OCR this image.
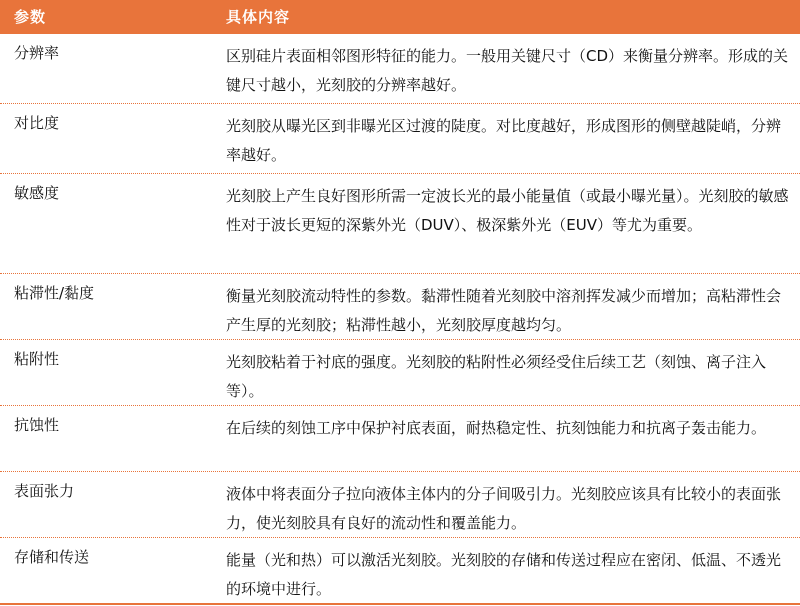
参数	具体内容
分辨率	区别硅片表面相邻图形特征的能力。一般用关键尺寸（CD）来衡量分辨率。形成的关键尺寸越小，光刻胶的分辨率越好。
对比度	光刻胶从曝光区到非曝光区过渡的陡度。对比度越好，形成图形的侧壁越陡峭，分辨率越好。
敏感度	光刻胶上产生良好图形所需一定波长光的最小能量值（或最小曝光量）。光刻胶的敏感性对于波长更短的深紫外光（DUV）、极深紫外光（EUV）等尤为重要。
粘滞性/黏度	衡量光刻胶流动特性的参数。黏滞性随着光刻胶中溶剂挥发减少而增加；高粘滞性会产生厚的光刻胶；粘滞性越小，光刻胶厚度越均匀。
粘附性	光刻胶粘着于衬底的强度。光刻胶的粘附性必须经受住后续工艺（刻蚀、离子注入等）。
抗蚀性	在后续的刻蚀工序中保护衬底表面，耐热稳定性、抗刻蚀能力和抗离子轰击能力。
表面张力	液体中将表面分子拉向液体主体内的分子间吸引力。光刻胶应该具有比较小的表面张力，使光刻胶具有良好的流动性和覆盖能力。
存储和传送	能量（光和热）可以激活光刻胶。光刻胶的存储和传送过程应在密闭、低温、不透光的环境中进行。
